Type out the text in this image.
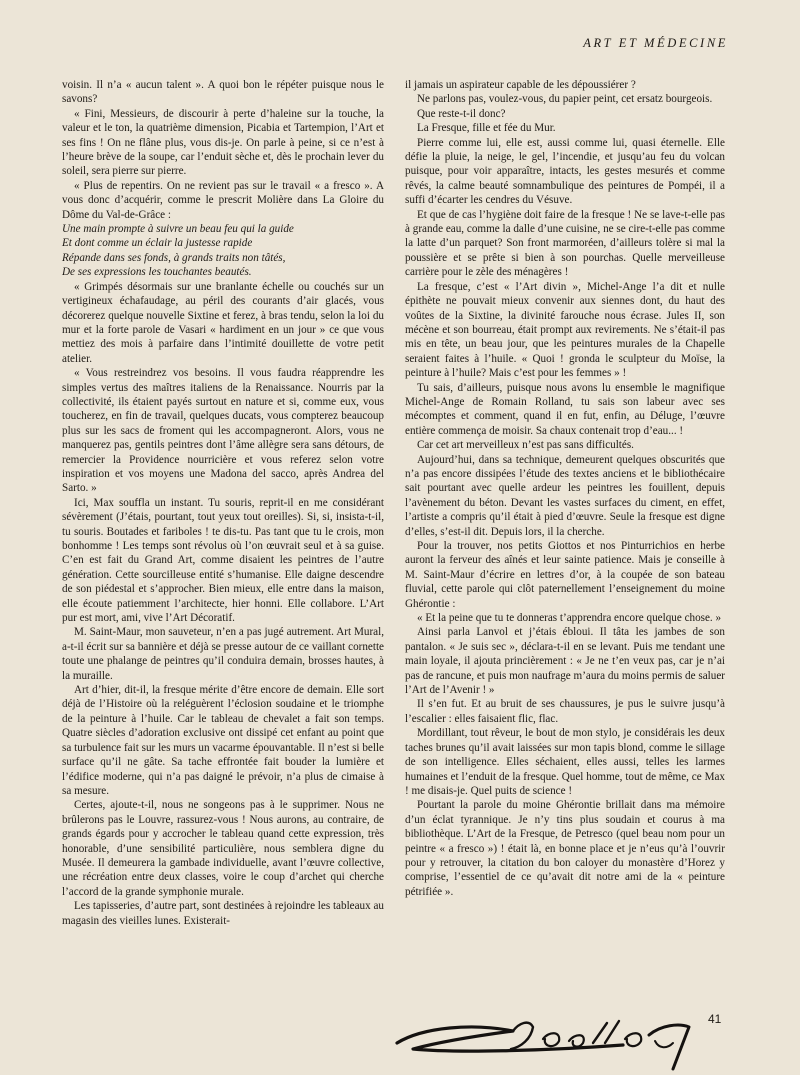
ART ET MÉDECINE

voisin. Il n’a « aucun talent ». A quoi bon le répéter puisque nous le savons?

« Fini, Messieurs, de discourir à perte d’haleine sur la touche, la valeur et le ton, la quatrième dimension, Picabia et Tartempion, l’Art et ses fins ! On ne flâne plus, vous dis-je. On parle à peine, si ce n’est à l’heure brève de la soupe, car l’enduit sèche et, dès le prochain lever du soleil, sera pierre sur pierre.

« Plus de repentirs. On ne revient pas sur le travail « a fresco ». A vous donc d’acquérir, comme le prescrit Molière dans La Gloire du Dôme du Val-de-Grâce :

Une main prompte à suivre un beau feu qui la guide

Et dont comme un éclair la justesse rapide

Répande dans ses fonds, à grands traits non tâtés,

De ses expressions les touchantes beautés.

« Grimpés désormais sur une branlante échelle ou couchés sur un vertigineux échafaudage, au péril des courants d’air glacés, vous décorerez quelque nouvelle Sixtine et ferez, à bras tendu, selon la loi du mur et la forte parole de Vasari « hardiment en un jour » ce que vous mettiez des mois à parfaire dans l’intimité douillette de votre petit atelier.

« Vous restreindrez vos besoins. Il vous faudra réapprendre les simples vertus des maîtres italiens de la Renaissance. Nourris par la collectivité, ils étaient payés surtout en nature et si, comme eux, vous toucherez, en fin de travail, quelques ducats, vous compterez beaucoup plus sur les sacs de froment qui les accompagneront. Alors, vous ne manquerez pas, gentils peintres dont l’âme allègre sera sans détours, de remercier la Providence nourricière et vous referez selon votre inspiration et vos moyens une Madona del sacco, après Andrea del Sarto. »

Ici, Max souffla un instant. Tu souris, reprit-il en me considérant sévèrement (J’étais, pourtant, tout yeux tout oreilles). Si, si, insista-t-il, tu souris. Boutades et fariboles ! te dis-tu. Pas tant que tu le crois, mon bonhomme ! Les temps sont révolus où l’on œuvrait seul et à sa guise. C’en est fait du Grand Art, comme disaient les peintres de l’autre génération. Cette sourcilleuse entité s’humanise. Elle daigne descendre de son piédestal et s’approcher. Bien mieux, elle entre dans la maison, elle écoute patiemment l’architecte, hier honni. Elle collabore. L’Art pur est mort, ami, vive l’Art Décoratif.

M. Saint-Maur, mon sauveteur, n’en a pas jugé autrement. Art Mural, a-t-il écrit sur sa bannière et déjà se presse autour de ce vaillant cornette toute une phalange de peintres qu’il conduira demain, brosses hautes, à la muraille.

Art d’hier, dit-il, la fresque mérite d’être encore de demain. Elle sort déjà de l’Histoire où la reléguèrent l’éclosion soudaine et le triomphe de la peinture à l’huile. Car le tableau de chevalet a fait son temps. Quatre siècles d’adoration exclusive ont dissipé cet enfant au point que sa turbulence fait sur les murs un vacarme épouvantable. Il n’est si belle surface qu’il ne gâte. Sa tache effrontée fait bouder la lumière et l’édifice moderne, qui n’a pas daigné le prévoir, n’a plus de cimaise à sa mesure.

Certes, ajoute-t-il, nous ne songeons pas à le supprimer. Nous ne brûlerons pas le Louvre, rassurez-vous ! Nous aurons, au contraire, de grands égards pour y accrocher le tableau quand cette expression, très honorable, d’une sensibilité particulière, nous semblera digne du Musée. Il demeurera la gambade individuelle, avant l’œuvre collective, une récréation entre deux classes, voire le coup d’archet qui cherche l’accord de la grande symphonie murale.

Les tapisseries, d’autre part, sont destinées à rejoindre les tableaux au magasin des vieilles lunes. Existerait-

il jamais un aspirateur capable de les dépoussiérer ?

Ne parlons pas, voulez-vous, du papier peint, cet ersatz bourgeois.

Que reste-t-il donc?

La Fresque, fille et fée du Mur.

Pierre comme lui, elle est, aussi comme lui, quasi éternelle. Elle défie la pluie, la neige, le gel, l’incendie, et jusqu’au feu du volcan puisque, pour voir apparaître, intacts, les gestes mesurés et comme rêvés, la calme beauté somnambulique des peintures de Pompéi, il a suffi d’écarter les cendres du Vésuve.

Et que de cas l’hygiène doit faire de la fresque ! Ne se lave-t-elle pas à grande eau, comme la dalle d’une cuisine, ne se cire-t-elle pas comme la latte d’un parquet? Son front marmoréen, d’ailleurs tolère si mal la poussière et se prête si bien à son pourchas. Quelle merveilleuse carrière pour le zèle des ménagères !

La fresque, c’est « l’Art divin », Michel-Ange l’a dit et nulle épithète ne pouvait mieux convenir aux siennes dont, du haut des voûtes de la Sixtine, la divinité farouche nous écrase. Jules II, son mécène et son bourreau, était prompt aux revirements. Ne s’était-il pas mis en tête, un beau jour, que les peintures murales de la Chapelle seraient faites à l’huile. « Quoi ! gronda le sculpteur du Moïse, la peinture à l’huile? Mais c’est pour les femmes » !

Tu sais, d’ailleurs, puisque nous avons lu ensemble le magnifique Michel-Ange de Romain Rolland, tu sais son labeur avec ses mécomptes et comment, quand il en fut, enfin, au Déluge, l’œuvre entière commença de moisir. Sa chaux contenait trop d’eau... !

Car cet art merveilleux n’est pas sans difficultés.

Aujourd’hui, dans sa technique, demeurent quelques obscurités que n’a pas encore dissipées l’étude des textes anciens et le bibliothécaire sait pourtant avec quelle ardeur les peintres les fouillent, depuis l’avènement du béton. Devant les vastes surfaces du ciment, en effet, l’artiste a compris qu’il était à pied d’œuvre. Seule la fresque est digne d’elles, s’est-il dit. Depuis lors, il la cherche.

Pour la trouver, nos petits Giottos et nos Pinturrichios en herbe auront la ferveur des aînés et leur sainte patience. Mais je conseille à M. Saint-Maur d’écrire en lettres d’or, à la coupée de son bateau fluvial, cette parole qui clôt paternellement l’enseignement du moine Ghérontie :

« Et la peine que tu te donneras t’apprendra encore quelque chose. »

Ainsi parla Lanvol et j’étais ébloui. Il tâta les jambes de son pantalon. « Je suis sec », déclara-t-il en se levant. Puis me tendant une main loyale, il ajouta princièrement : « Je ne t’en veux pas, car je n’ai pas de rancune, et puis mon naufrage m’aura du moins permis de saluer l’Art de l’Avenir ! »

Il s’en fut. Et au bruit de ses chaussures, je pus le suivre jusqu’à l’escalier : elles faisaient flic, flac.

Mordillant, tout rêveur, le bout de mon stylo, je considérais les deux taches brunes qu’il avait laissées sur mon tapis blond, comme le sillage de son intelligence. Elles séchaient, elles aussi, telles les larmes humaines et l’enduit de la fresque. Quel homme, tout de même, ce Max ! me disais-je. Quel puits de science !

Pourtant la parole du moine Ghérontie brillait dans ma mémoire d’un éclat tyrannique. Je n’y tins plus soudain et courus à ma bibliothèque. L’Art de la Fresque, de Petresco (quel beau nom pour un peintre « a fresco ») ! était là, en bonne place et je n’eus qu’à l’ouvrir pour y retrouver, la citation du bon caloyer du monastère d’Horez y comprise, l’essentiel de ce qu’avait dit notre ami de la « peinture pétrifiée ».

41
